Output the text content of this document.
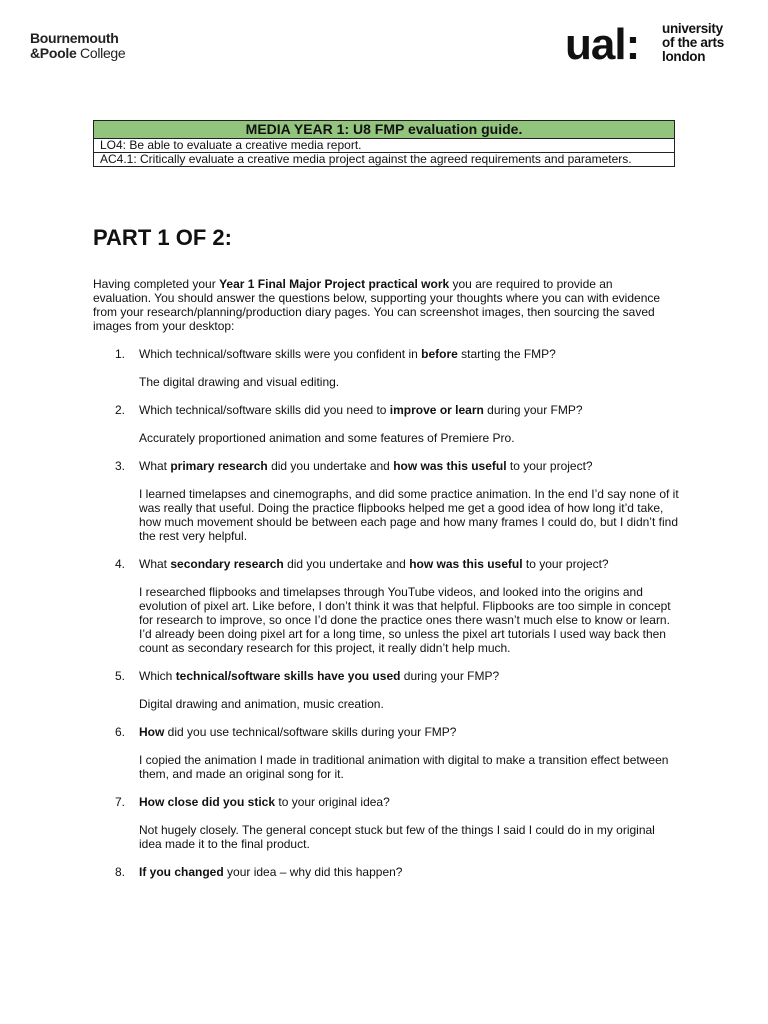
Bournemouth
&Poole College	ual: university
of the arts
london
MEDIA YEAR 1: U8 FMP evaluation guide.
LO4: Be able to evaluate a creative media report.
AC4.1: Critically evaluate a creative media project against the agreed requirements and parameters.
PART 1 OF 2:
Having completed your Year 1 Final Major Project practical work you are required to provide an evaluation. You should answer the questions below, supporting your thoughts where you can with evidence from your research/planning/production diary pages. You can screenshot images, then sourcing the saved images from your desktop:
1. Which technical/software skills were you confident in before starting the FMP?

The digital drawing and visual editing.

2. Which technical/software skills did you need to improve or learn during your FMP?

Accurately proportioned animation and some features of Premiere Pro.

3. What primary research did you undertake and how was this useful to your project?

I learned timelapses and cinemographs, and did some practice animation. In the end I’d say none of it was really that useful. Doing the practice flipbooks helped me get a good idea of how long it’d take, how much movement should be between each page and how many frames I could do, but I didn’t find the rest very helpful.

4. What secondary research did you undertake and how was this useful to your project?

I researched flipbooks and timelapses through YouTube videos, and looked into the origins and evolution of pixel art. Like before, I don’t think it was that helpful. Flipbooks are too simple in concept for research to improve, so once I’d done the practice ones there wasn’t much else to know or learn. I’d already been doing pixel art for a long time, so unless the pixel art tutorials I used way back then count as secondary research for this project, it really didn’t help much.

5. Which technical/software skills have you used during your FMP?

Digital drawing and animation, music creation.

6. How did you use technical/software skills during your FMP?

I copied the animation I made in traditional animation with digital to make a transition effect between them, and made an original song for it.

7. How close did you stick to your original idea?

Not hugely closely. The general concept stuck but few of the things I said I could do in my original idea made it to the final product.

8. If you changed your idea – why did this happen?
